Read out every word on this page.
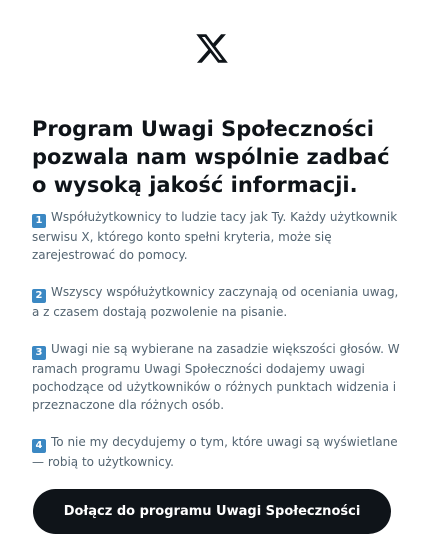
Program Uwagi Społeczności pozwala nam wspólnie zadbać o wysoką jakość informacji.
1 Współużytkownicy to ludzie tacy jak Ty. Każdy użytkownik serwisu X, którego konto spełni kryteria, może się zarejestrować do pomocy.
2 Wszyscy współużytkownicy zaczynają od oceniania uwag, a z czasem dostają pozwolenie na pisanie.
3 Uwagi nie są wybierane na zasadzie większości głosów. W ramach programu Uwagi Społeczności dodajemy uwagi pochodzące od użytkowników o różnych punktach widzenia i przeznaczone dla różnych osób.
4 To nie my decydujemy o tym, które uwagi są wyświetlane — robią to użytkownicy.
Dołącz do programu Uwagi Społeczności
